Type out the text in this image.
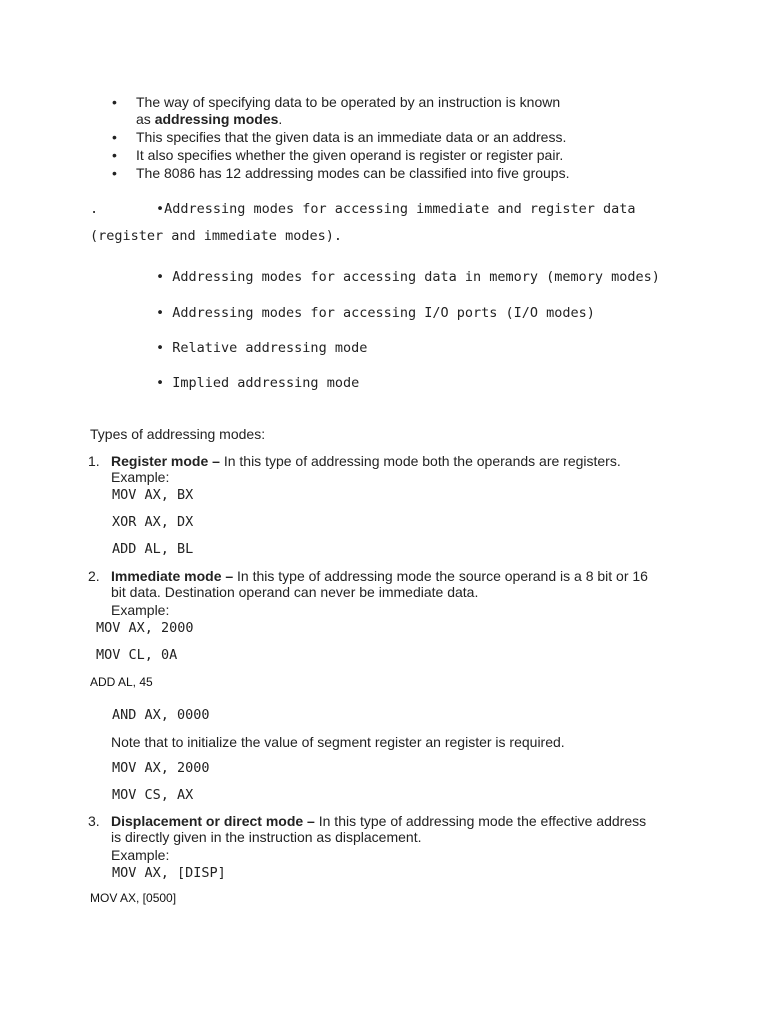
• The way of specifying data to be operated by an instruction is known
as addressing modes.
• This specifies that the given data is an immediate data or an address.
• It also specifies whether the given operand is register or register pair.
• The 8086 has 12 addressing modes can be classified into five groups.
.	•Addressing modes for accessing immediate and register data
(register and immediate modes).
• Addressing modes for accessing data in memory (memory modes)
• Addressing modes for accessing I/O ports (I/O modes)
• Relative addressing mode
• Implied addressing mode
Types of addressing modes:
1. Register mode – In this type of addressing mode both the operands are registers.
Example:
MOV AX, BX
XOR AX, DX
ADD AL, BL
2. Immediate mode – In this type of addressing mode the source operand is a 8 bit or 16
bit data. Destination operand can never be immediate data.
Example:
MOV AX, 2000
MOV CL, 0A
ADD AL, 45
AND AX, 0000
Note that to initialize the value of segment register an register is required.
MOV AX, 2000
MOV CS, AX
3. Displacement or direct mode – In this type of addressing mode the effective address
is directly given in the instruction as displacement.
Example:
MOV AX, [DISP]
MOV AX, [0500]
